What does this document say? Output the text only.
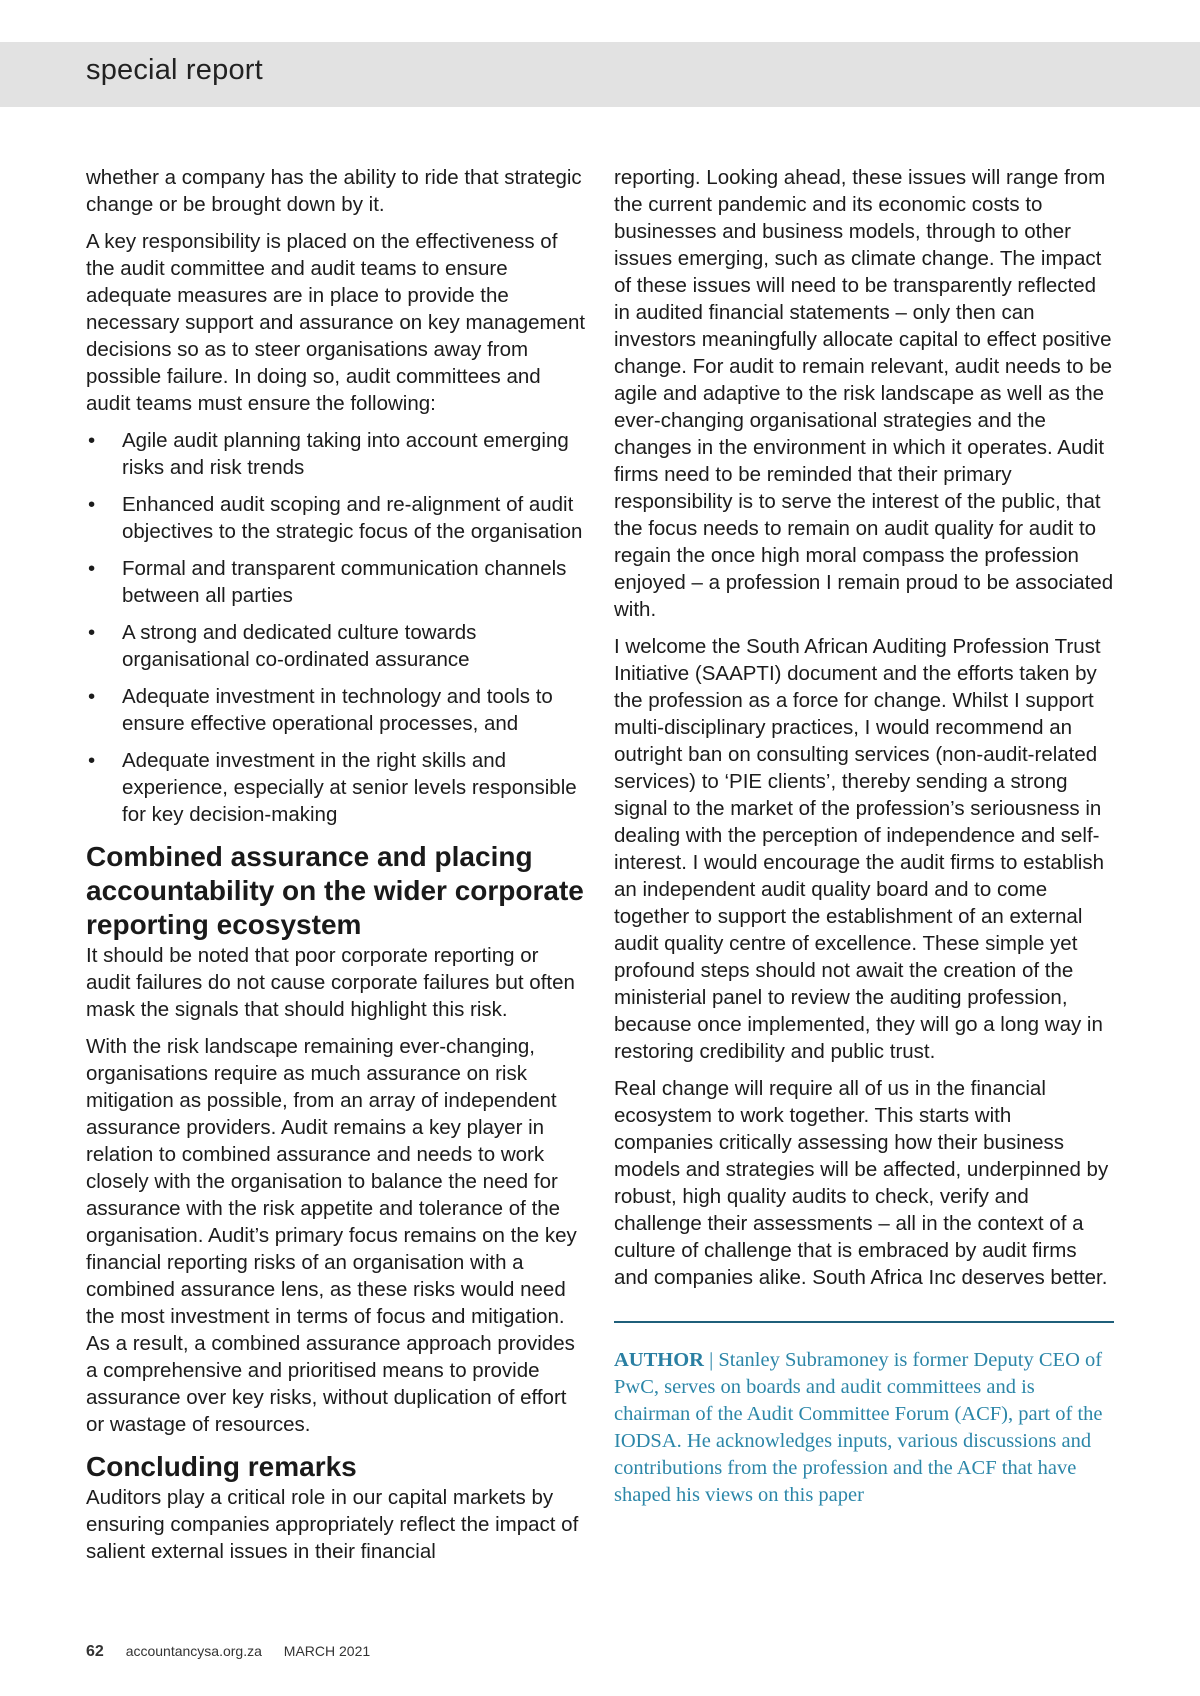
special report

whether a company has the ability to ride that strategic change or be brought down by it.

A key responsibility is placed on the effectiveness of the audit committee and audit teams to ensure adequate measures are in place to provide the necessary support and assurance on key management decisions so as to steer organisations away from possible failure. In doing so, audit committees and audit teams must ensure the following:

• Agile audit planning taking into account emerging risks and risk trends
• Enhanced audit scoping and re-alignment of audit objectives to the strategic focus of the organisation
• Formal and transparent communication channels between all parties
• A strong and dedicated culture towards organisational co-ordinated assurance
• Adequate investment in technology and tools to ensure effective operational processes, and
• Adequate investment in the right skills and experience, especially at senior levels responsible for key decision-making
Combined assurance and placing accountability on the wider corporate reporting ecosystem

It should be noted that poor corporate reporting or audit failures do not cause corporate failures but often mask the signals that should highlight this risk.

With the risk landscape remaining ever-changing, organisations require as much assurance on risk mitigation as possible, from an array of independent assurance providers. Audit remains a key player in relation to combined assurance and needs to work closely with the organisation to balance the need for assurance with the risk appetite and tolerance of the organisation. Audit’s primary focus remains on the key financial reporting risks of an organisation with a combined assurance lens, as these risks would need the most investment in terms of focus and mitigation. As a result, a combined assurance approach provides a comprehensive and prioritised means to provide assurance over key risks, without duplication of effort or wastage of resources.

Concluding remarks

Auditors play a critical role in our capital markets by ensuring companies appropriately reflect the impact of salient external issues in their financial

reporting. Looking ahead, these issues will range from the current pandemic and its economic costs to businesses and business models, through to other issues emerging, such as climate change. The impact of these issues will need to be transparently reflected in audited financial statements – only then can investors meaningfully allocate capital to effect positive change. For audit to remain relevant, audit needs to be agile and adaptive to the risk landscape as well as the ever-changing organisational strategies and the changes in the environment in which it operates. Audit firms need to be reminded that their primary responsibility is to serve the interest of the public, that the focus needs to remain on audit quality for audit to regain the once high moral compass the profession enjoyed – a profession I remain proud to be associated with.

I welcome the South African Auditing Profession Trust Initiative (SAAPTI) document and the efforts taken by the profession as a force for change. Whilst I support multi-disciplinary practices, I would recommend an outright ban on consulting services (non-audit-related services) to ‘PIE clients’, thereby sending a strong signal to the market of the profession’s seriousness in dealing with the perception of independence and self-interest. I would encourage the audit firms to establish an independent audit quality board and to come together to support the establishment of an external audit quality centre of excellence. These simple yet profound steps should not await the creation of the ministerial panel to review the auditing profession, because once implemented, they will go a long way in restoring credibility and public trust.

Real change will require all of us in the financial ecosystem to work together. This starts with companies critically assessing how their business models and strategies will be affected, underpinned by robust, high quality audits to check, verify and challenge their assessments – all in the context of a culture of challenge that is embraced by audit firms and companies alike. South Africa Inc deserves better.

AUTHOR | Stanley Subramoney is former Deputy CEO of PwC, serves on boards and audit committees and is chairman of the Audit Committee Forum (ACF), part of the IODSA. He acknowledges inputs, various discussions and contributions from the profession and the ACF that have shaped his views on this paper

62 accountancysa.org.za MARCH 2021
